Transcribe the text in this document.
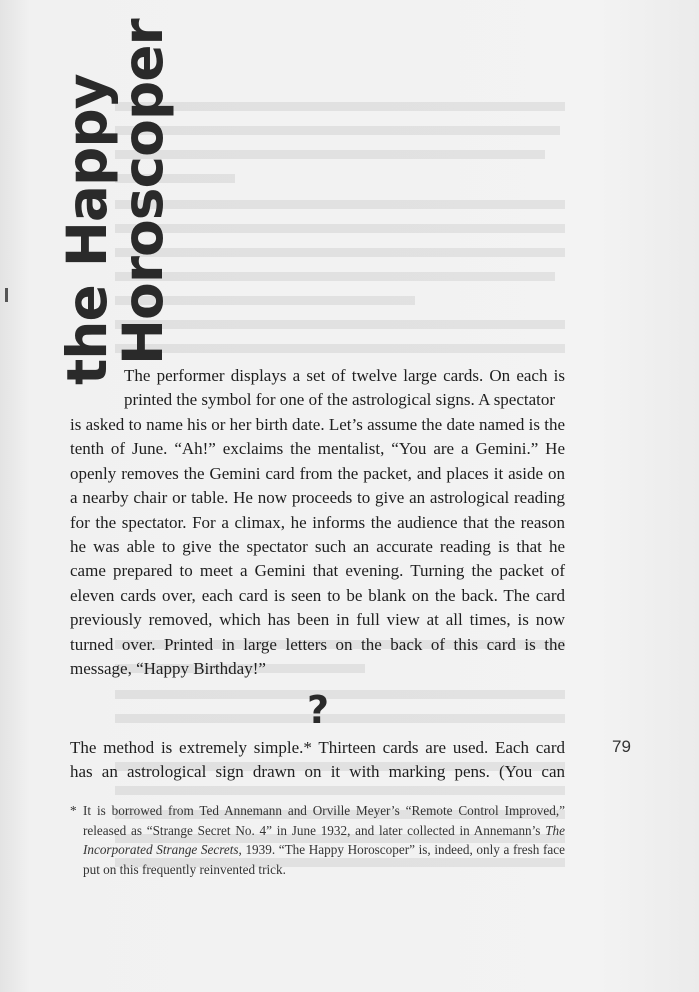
the Happy
Horoscoper
The performer displays a set of twelve large cards. On each is printed the symbol for one of the astrological signs. A spectator
is asked to name his or her birth date. Let’s assume the date named is the tenth of June. “Ah!” exclaims the mentalist, “You are a Gemini.” He openly removes the Gemini card from the packet, and places it aside on a nearby chair or table. He now proceeds to give an astrological reading for the spectator. For a climax, he informs the audience that the reason he was able to give the spectator such an accurate reading is that he came prepared to meet a Gemini that evening. Turning the packet of eleven cards over, each card is seen to be blank on the back. The card previously removed, which has been in full view at all times, is now turned over. Printed in large letters on the back of this card is the message, “Happy Birthday!”
?
The method is extremely simple.* Thirteen cards are used. Each card has an astrological sign drawn on it with marking pens. (You can
79
* It is borrowed from Ted Annemann and Orville Meyer’s “Remote Control Improved,” released as “Strange Secret No. 4” in June 1932, and later collected in Annemann’s The Incorporated Strange Secrets, 1939. “The Happy Horoscoper” is, indeed, only a fresh face put on this frequently reinvented trick.
